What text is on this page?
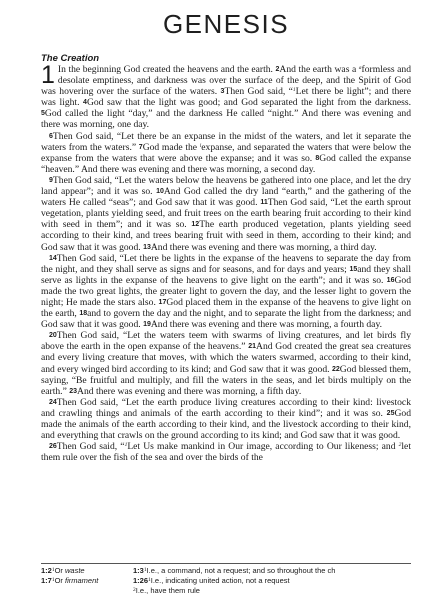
GENESIS
The Creation

1 In the beginning God created the heavens and the earth. 2And the earth was a $^a$formless and desolate emptiness, and darkness was over the surface of the deep, and the Spirit of God was hovering over the surface of the waters. 3Then God said, “$^1$Let there be light”; and there was light. 4God saw that the light was good; and God separated the light from the darkness. 5God called the light “day,” and the darkness He called “night.” And there was evening and there was morning, one day.

6Then God said, “Let there be an expanse in the midst of the waters, and let it separate the waters from the waters.” 7God made the $^l$expanse, and separated the waters that were below the expanse from the waters that were above the expanse; and it was so. 8God called the expanse “heaven.” And there was evening and there was morning, a second day.

9Then God said, “Let the waters below the heavens be gathered into one place, and let the dry land appear”; and it was so. 10And God called the dry land “earth,” and the gathering of the waters He called “seas”; and God saw that it was good. 11Then God said, “Let the earth sprout vegetation, plants yielding seed, and fruit trees on the earth bearing fruit according to their kind with seed in them”; and it was so. 12The earth produced vegetation, plants yielding seed according to their kind, and trees bearing fruit with seed in them, according to their kind; and God saw that it was good. 13And there was evening and there was morning, a third day.

14Then God said, “Let there be lights in the expanse of the heavens to separate the day from the night, and they shall serve as signs and for seasons, and for days and years; 15and they shall serve as lights in the expanse of the heavens to give light on the earth”; and it was so. 16God made the two great lights, the greater light to govern the day, and the lesser light to govern the night; He made the stars also. 17God placed them in the expanse of the heavens to give light on the earth, 18and to govern the day and the night, and to separate the light from the darkness; and God saw that it was good. 19And there was evening and there was morning, a fourth day.

20Then God said, “Let the waters teem with swarms of living creatures, and let birds fly above the earth in the open expanse of the heavens.” 21And God created the great sea creatures and every living creature that moves, with which the waters swarmed, according to their kind, and every winged bird according to its kind; and God saw that it was good. 22God blessed them, saying, “Be fruitful and multiply, and fill the waters in the seas, and let birds multiply on the earth.” 23And there was evening and there was morning, a fifth day.

24Then God said, “Let the earth produce living creatures according to their kind: livestock and crawling things and animals of the earth according to their kind”; and it was so. 25God made the animals of the earth according to their kind, and the livestock according to their kind, and everything that crawls on the ground according to its kind; and God saw that it was good.

26Then God said, “$^1$Let Us make mankind in Our image, according to Our likeness; and $^2$let them rule over the fish of the sea and over the birds of the

1:2$^1$Or waste	1:3$^1$I.e., a command, not a request; and so throughout the ch
1:7$^1$Or firmament	1:26$^1$I.e., indicating united action, not a request
$^2$I.e., have them rule
